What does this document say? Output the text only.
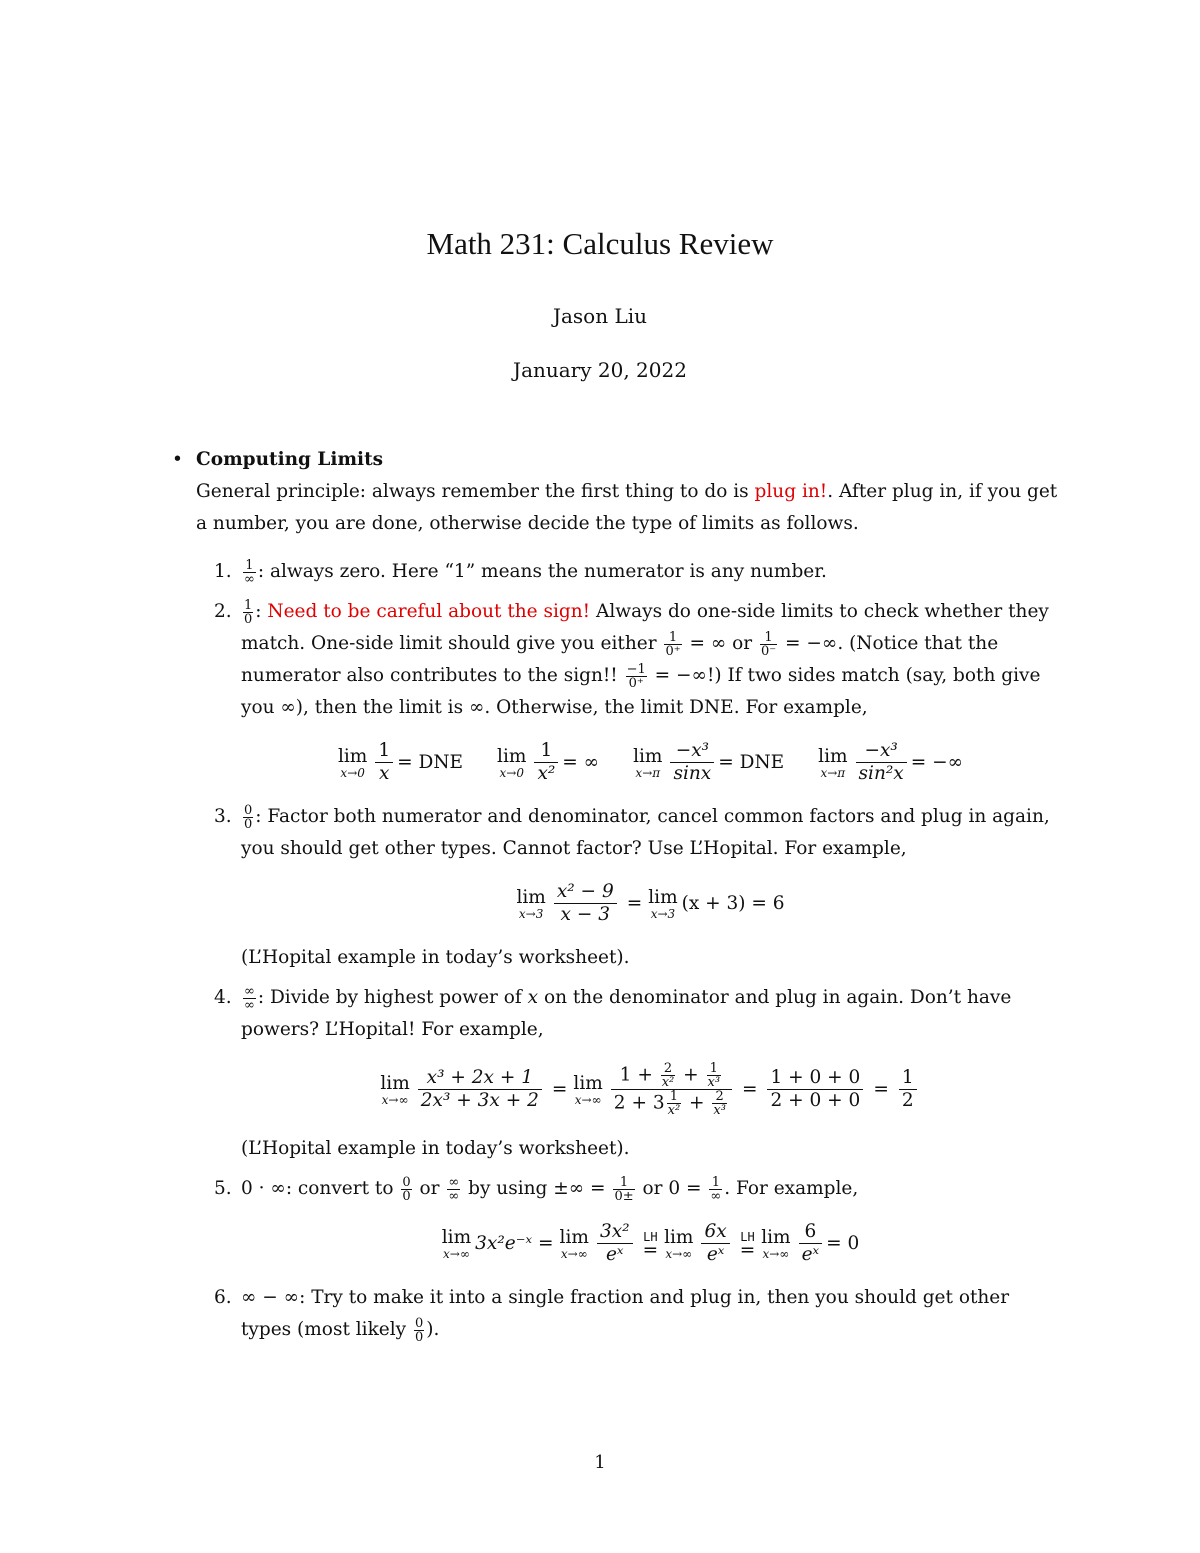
Math 231: Calculus Review
Jason Liu
January 20, 2022
• Computing Limits
General principle: always remember the first thing to do is plug in!. After plug in, if you get a number, you are done, otherwise decide the type of limits as follows.
1. $\frac{1}{\infty}$ : always zero. Here “1” means the numerator is any number.
2. $\frac{1}{0}$ : Need to be careful about the sign! Always do one-side limits to check whether they match. One-side limit should give you either $\frac{1}{0^+}$ = ∞ or $\frac{1}{0^-}$ = −∞. (Notice that the numerator also contributes to the sign!! $\frac{-1}{0^+}$ = −∞!) If two sides match (say, both give you ∞), then the limit is ∞. Otherwise, the limit DNE. For example,
lim
$x\to 0 \frac{1}{x}$ = DNE lim
$x\to 0 \frac{1}{\text{x²}}$ = ∞ lim
$x\to\pi \frac{\text{−x³}}{\sin x}$ = DNE lim
$x\to\pi \frac{\text{−x³}}{\text{sin²x}}$ = −∞
3. $\frac{0}{0}$ : Factor both numerator and denominator, cancel common factors and plug in again, you should get other types. Cannot factor? Use L’Hopital. For example,
lim
$x\to 3 \frac{\text{x² − 9}}{x - 3} = \lim$
x→3 (x + 3) = 6
(L’Hopital example in today’s worksheet).
4. $\frac{\infty}{\infty}$ : Divide by highest power of x on the denominator and plug in again. Don’t have powers? L’Hopital! For example,
lim
$x\to\infty \frac{\text{x³ + 2x + 1}}{\text{2x³ + 3x + 2}} = \lim$
$x\to\infty \frac{1 + \frac{2}{\text{x²}} + \frac{1}{\text{x³}}}{2 + 3 \frac{1}{\text{x²}} + \frac{2}{\text{x³}}} = \frac{1 + 0 + 0}{2 + 0 + 0} = \frac{1}{2}$
(L’Hopital example in today’s worksheet).
5. 0 · ∞: convert to $\frac{0}{0}$ or $\frac{\infty}{\infty}$ by using ±∞ = $\frac{1}{0\pm}$ or $0 = \frac{1}{\infty}$ . For example,
lim
x→∞ 3x²e⁻ˣ = lim
$x\to\infty \frac{\text{3x²}}{\text{eˣ}}$ LH
=
lim
$x\to\infty \frac{6x}{\text{eˣ}}$ LH
=
lim
$x\to\infty \frac{6}{\text{eˣ}} = 0$
6. ∞ − ∞: Try to make it into a single fraction and plug in, then you should get other types (most likely $\frac{0}{0}$ ).
1
